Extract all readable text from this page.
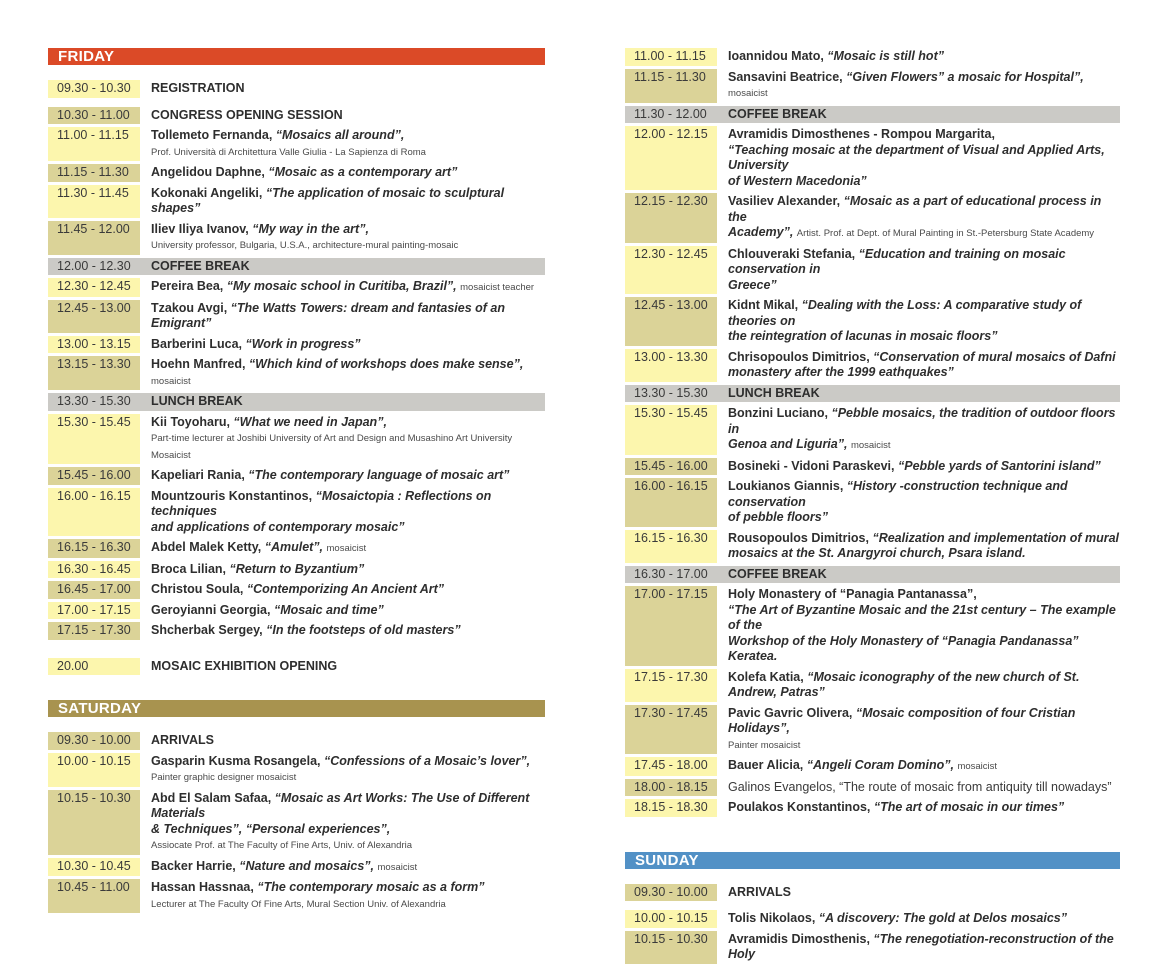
FRIDAY
09.30 - 10.30	REGISTRATION
10.30 - 11.00	CONGRESS OPENING SESSION
11.00 - 11.15	Tollemeto Fernanda, “Mosaics all around”,
Prof. Università di Architettura Valle Giulia - La Sapienza di Roma
11.15 - 11.30	Angelidou Daphne, “Mosaic as a contemporary art”
11.30 - 11.45	Kokonaki Angeliki, “The application of mosaic to sculptural shapes”
11.45 - 12.00	Iliev Iliya Ivanov, “My way in the art”,
University professor, Bulgaria, U.S.A., architecture-mural painting-mosaic
12.00 - 12.30	COFFEE BREAK
12.30 - 12.45	Pereira Bea, “My mosaic school in Curitiba, Brazil”, mosaicist teacher
12.45 - 13.00	Tzakou Avgi, “The Watts Towers: dream and fantasies of an Emigrant”
13.00 - 13.15	Barberini Luca, “Work in progress”
13.15 - 13.30	Hoehn Manfred, “Which kind of workshops does make sense”, mosaicist
13.30 - 15.30	LUNCH BREAK
15.30 - 15.45	Kii Toyoharu, “What we need in Japan”,
Part-time lecturer at Joshibi University of Art and Design and Musashino Art University Mosaicist
15.45 - 16.00	Kapeliari Rania, “The contemporary language of mosaic art”
16.00 - 16.15	Mountzouris Konstantinos, “Mosaictopia : Reflections on techniques
and applications of contemporary mosaic”
16.15 - 16.30	Abdel Malek Ketty, “Amulet”, mosaicist
16.30 - 16.45	Broca Lilian, “Return to Byzantium”
16.45 - 17.00	Christou Soula, “Contemporizing An Ancient Art”
17.00 - 17.15	Geroyianni Georgia, “Mosaic and time”
17.15 - 17.30	Shcherbak Sergey, “In the footsteps of old masters”
20.00	MOSAIC EXHIBITION OPENING
SATURDAY
09.30 - 10.00	ARRIVALS
10.00 - 10.15	Gasparin Kusma Rosangela, “Confessions of a Mosaic’s lover”,
Painter graphic designer mosaicist
10.15 - 10.30	Abd El Salam Safaa, “Mosaic as Art Works: The Use of Different Materials
& Techniques”, “Personal experiences”,
Assiocate Prof. at The Faculty of Fine Arts, Univ. of Alexandria
10.30 - 10.45	Backer Harrie, “Nature and mosaics”, mosaicist
10.45 - 11.00	Hassan Hassnaa, “The contemporary mosaic as a form”
Lecturer at The Faculty Of Fine Arts, Mural Section Univ. of Alexandria
11.00 - 11.15	Ioannidou Mato, “Mosaic is still hot”
11.15 - 11.30	Sansavini Beatrice, “Given Flowers” a mosaic for Hospital”, mosaicist
11.30 - 12.00	COFFEE BREAK
12.00 - 12.15	Avramidis Dimosthenes - Rompou Margarita,
“Teaching mosaic at the department of Visual and Applied Arts, University
of Western Macedonia”
12.15 - 12.30	Vasiliev Alexander, “Mosaic as a part of educational process in the
Academy”, Artist. Prof. at Dept. of Mural Painting in St.-Petersburg State Academy
12.30 - 12.45	Chlouveraki Stefania, “Education and training on mosaic conservation in
Greece”
12.45 - 13.00	Kidnt Mikal, “Dealing with the Loss: A comparative study of theories on
the reintegration of lacunas in mosaic floors”
13.00 - 13.30	Chrisopoulos Dimitrios, “Conservation of mural mosaics of Dafni
monastery after the 1999 eathquakes”
13.30 - 15.30	LUNCH BREAK
15.30 - 15.45	Bonzini Luciano, “Pebble mosaics, the tradition of outdoor floors in
Genoa and Liguria”, mosaicist
15.45 - 16.00	Bosineki - Vidoni Paraskevi, “Pebble yards of Santorini island”
16.00 - 16.15	Loukianos Giannis, “History -construction technique and conservation
of pebble floors”
16.15 - 16.30	Rousopoulos Dimitrios, “Realization and implementation of mural
mosaics at the St. Anargyroi church, Psara island.
16.30 - 17.00	COFFEE BREAK
17.00 - 17.15	Holy Monastery of “Panagia Pantanassa”,
“The Art of Byzantine Mosaic and the 21st century – The example of the
Workshop of the Holy Monastery of “Panagia Pandanassa” Keratea.
17.15 - 17.30	Kolefa Katia, “Mosaic iconography of the new church of St. Andrew, Patras”
17.30 - 17.45	Pavic Gavric Olivera, “Mosaic composition of four Cristian Holidays”,
Painter mosaicist
17.45 - 18.00	Bauer Alicia, “Angeli Coram Domino”, mosaicist
18.00 - 18.15	Galinos Evangelos, “The route of mosaic from antiquity till nowadays”
18.15 - 18.30	Poulakos Konstantinos, “The art of mosaic in our times”
SUNDAY
09.30 - 10.00	ARRIVALS
10.00 - 10.15	Tolis Nikolaos, “A discovery: The gold at Delos mosaics”
10.15 - 10.30	Avramidis Dimosthenis, “The renegotiation-reconstruction of the Holy
